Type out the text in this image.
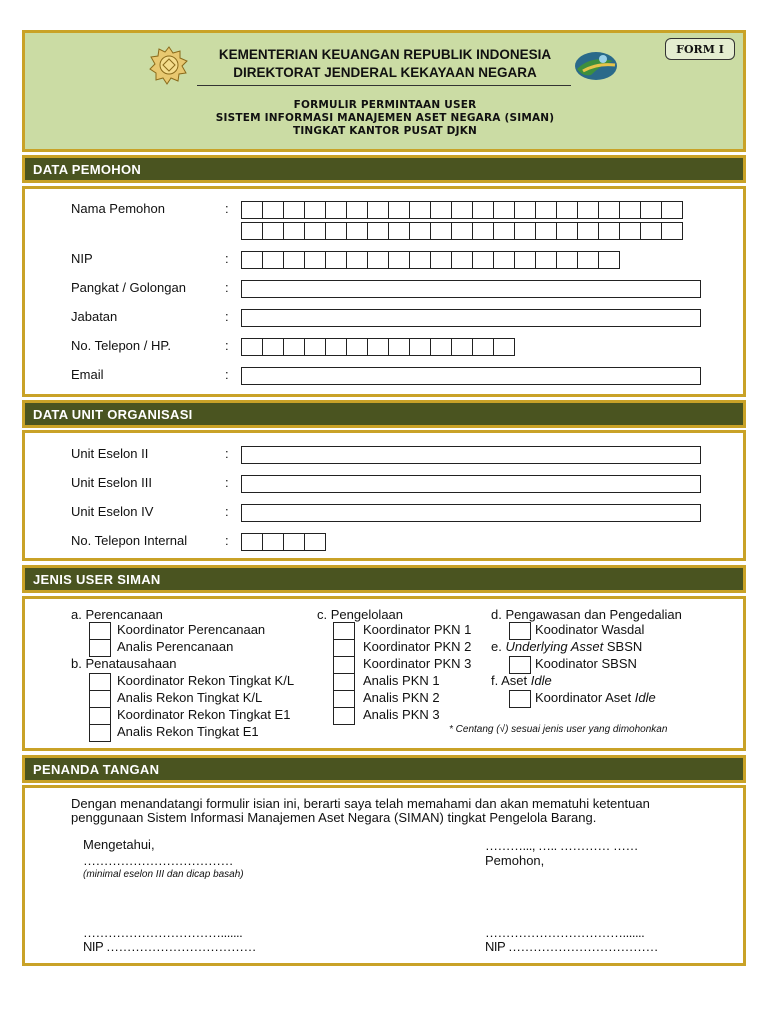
KEMENTERIAN KEUANGAN REPUBLIK INDONESIA
DIREKTORAT JENDERAL KEKAYAAN NEGARA
FORM I
FORMULIR PERMINTAAN USER
SISTEM INFORMASI MANAJEMEN ASET NEGARA (SIMAN)
TINGKAT KANTOR PUSAT DJKN
DATA PEMOHON
Nama Pemohon	:
NIP	:
Pangkat / Golongan	:
Jabatan	:
No. Telepon / HP.	:
Email	:
DATA UNIT ORGANISASI
Unit Eselon II	:
Unit Eselon III	:
Unit Eselon IV	:
No. Telepon Internal	:
JENIS USER SIMAN
a. Perencanaan
Koordinator Perencanaan
Analis Perencanaan
b. Penatausahaan
Koordinator Rekon Tingkat K/L
Analis Rekon Tingkat K/L
Koordinator Rekon Tingkat E1
Analis Rekon Tingkat E1
c. Pengelolaan
Koordinator PKN 1
Koordinator PKN 2
Koordinator PKN 3
Analis PKN 1
Analis PKN 2
Analis PKN 3
d. Pengawasan dan Pengedalian
Koodinator Wasdal
e. Underlying Asset SBSN
Koodinator SBSN
f. Aset Idle
Koordinator Aset Idle
* Centang (√) sesuai jenis user yang dimohonkan
PENANDA TANGAN
Dengan menandatangi formulir isian ini, berarti saya telah memahami dan akan mematuhi ketentuan
penggunaan Sistem Informasi Manajemen Aset Negara (SIMAN) tingkat Pengelola Barang.
Mengetahui,
………………………………
(minimal eselon III dan dicap basah)
………..., ….. ………… ……
Pemohon,
…………………………….......
NIP ………………………………
…………………………….......
NIP ………………………………
